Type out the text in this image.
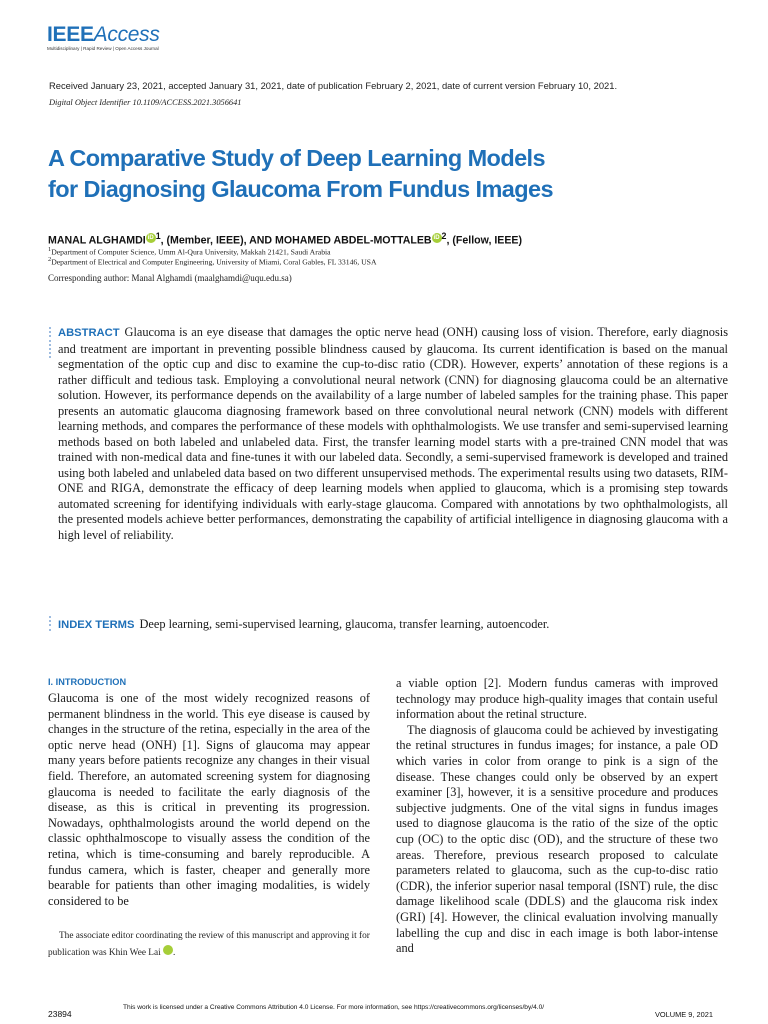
IEEEAccess
Multidisciplinary | Rapid Review | Open Access Journal
Received January 23, 2021, accepted January 31, 2021, date of publication February 2, 2021, date of current version February 10, 2021.
Digital Object Identifier 10.1109/ACCESS.2021.3056641
A Comparative Study of Deep Learning Models
for Diagnosing Glaucoma From Fundus Images
MANAL ALGHAMDI iD $^1$, (Member, IEEE), AND MOHAMED ABDEL-MOTTALEB iD $^2$, (Fellow, IEEE)
$^1$Department of Computer Science, Umm Al-Qura University, Makkah 21421, Saudi Arabia
$^2$Department of Electrical and Computer Engineering, University of Miami, Coral Gables, FL 33146, USA
Corresponding author: Manal Alghamdi (maalghamdi@uqu.edu.sa)
ABSTRACT Glaucoma is an eye disease that damages the optic nerve head (ONH) causing loss of vision. Therefore, early diagnosis and treatment are important in preventing possible blindness caused by glaucoma. Its current identification is based on the manual segmentation of the optic cup and disc to examine the cup-to-disc ratio (CDR). However, experts’ annotation of these regions is a rather difficult and tedious task. Employing a convolutional neural network (CNN) for diagnosing glaucoma could be an alternative solution. However, its performance depends on the availability of a large number of labeled samples for the training phase. This paper presents an automatic glaucoma diagnosing framework based on three convolutional neural network (CNN) models with different learning methods, and compares the performance of these models with ophthalmologists. We use transfer and semi-supervised learning methods based on both labeled and unlabeled data. First, the transfer learning model starts with a pre-trained CNN model that was trained with non-medical data and fine-tunes it with our labeled data. Secondly, a semi-supervised framework is developed and trained using both labeled and unlabeled data based on two different unsupervised methods. The experimental results using two datasets, RIM-ONE and RIGA, demonstrate the efficacy of deep learning models when applied to glaucoma, which is a promising step towards automated screening for identifying individuals with early-stage glaucoma. Compared with annotations by two ophthalmologists, all the presented models achieve better performances, demonstrating the capability of artificial intelligence in diagnosing glaucoma with a high level of reliability.
INDEX TERMS Deep learning, semi-supervised learning, glaucoma, transfer learning, autoencoder.
I. INTRODUCTION

Glaucoma is one of the most widely recognized reasons of permanent blindness in the world. This eye disease is caused by changes in the structure of the retina, especially in the area of the optic nerve head (ONH) [1]. Signs of glaucoma may appear many years before patients recognize any changes in their visual field. Therefore, an automated screening system for diagnosing glaucoma is needed to facilitate the early diagnosis of the disease, as this is critical in preventing its progression. Nowadays, ophthalmologists around the world depend on the classic ophthalmoscope to visually assess the condition of the retina, which is time-consuming and barely reproducible. A fundus camera, which is faster, cheaper and generally more bearable for patients than other imaging modalities, is widely considered to be

a viable option [2]. Modern fundus cameras with improved technology may produce high-quality images that contain useful information about the retinal structure.

The diagnosis of glaucoma could be achieved by investigating the retinal structures in fundus images; for instance, a pale OD which varies in color from orange to pink is a sign of the disease. These changes could only be observed by an expert examiner [3], however, it is a sensitive procedure and produces subjective judgments. One of the vital signs in fundus images used to diagnose glaucoma is the ratio of the size of the optic cup (OC) to the optic disc (OD), and the structure of these two areas. Therefore, previous research proposed to calculate parameters related to glaucoma, such as the cup-to-disc ratio (CDR), the inferior superior nasal temporal (ISNT) rule, the disc damage likelihood scale (DDLS) and the glaucoma risk index (GRI) [4]. However, the clinical evaluation involving manually labelling the cup and disc in each image is both labor-intense and

The associate editor coordinating the review of this manuscript and approving it for publication was Khin Wee Lai iD.

23894
This work is licensed under a Creative Commons Attribution 4.0 License. For more information, see https://creativecommons.org/licenses/by/4.0/
VOLUME 9, 2021
